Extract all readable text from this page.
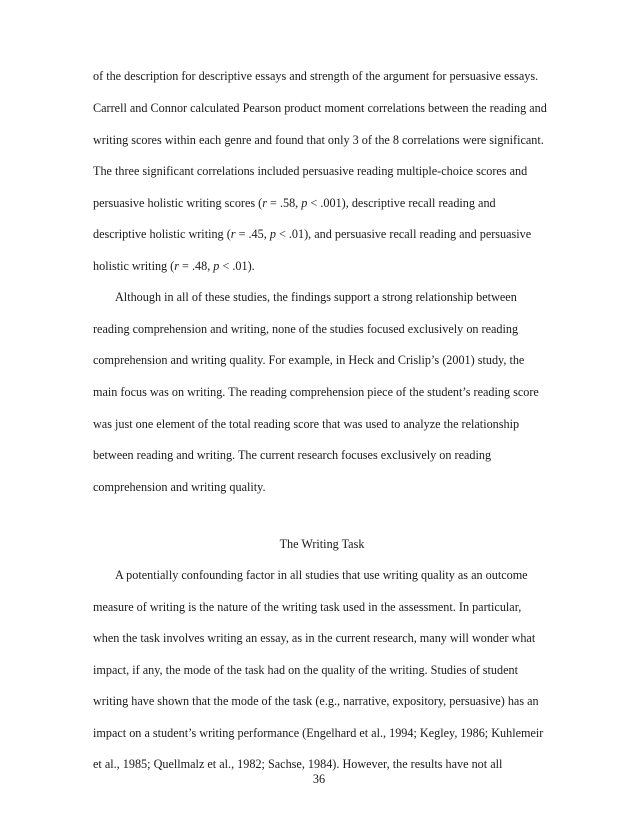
of the description for descriptive essays and strength of the argument for persuasive essays.
Carrell and Connor calculated Pearson product moment correlations between the reading and
writing scores within each genre and found that only 3 of the 8 correlations were significant.
The three significant correlations included persuasive reading multiple-choice scores and
persuasive holistic writing scores (r = .58, p < .001), descriptive recall reading and
descriptive holistic writing (r = .45, p < .01), and persuasive recall reading and persuasive
holistic writing (r = .48, p < .01).
Although in all of these studies, the findings support a strong relationship between
reading comprehension and writing, none of the studies focused exclusively on reading
comprehension and writing quality. For example, in Heck and Crislip’s (2001) study, the
main focus was on writing. The reading comprehension piece of the student’s reading score
was just one element of the total reading score that was used to analyze the relationship
between reading and writing. The current research focuses exclusively on reading
comprehension and writing quality.
The Writing Task
A potentially confounding factor in all studies that use writing quality as an outcome
measure of writing is the nature of the writing task used in the assessment. In particular,
when the task involves writing an essay, as in the current research, many will wonder what
impact, if any, the mode of the task had on the quality of the writing. Studies of student
writing have shown that the mode of the task (e.g., narrative, expository, persuasive) has an
impact on a student’s writing performance (Engelhard et al., 1994; Kegley, 1986; Kuhlemeir
et al., 1985; Quellmalz et al., 1982; Sachse, 1984). However, the results have not all
36
